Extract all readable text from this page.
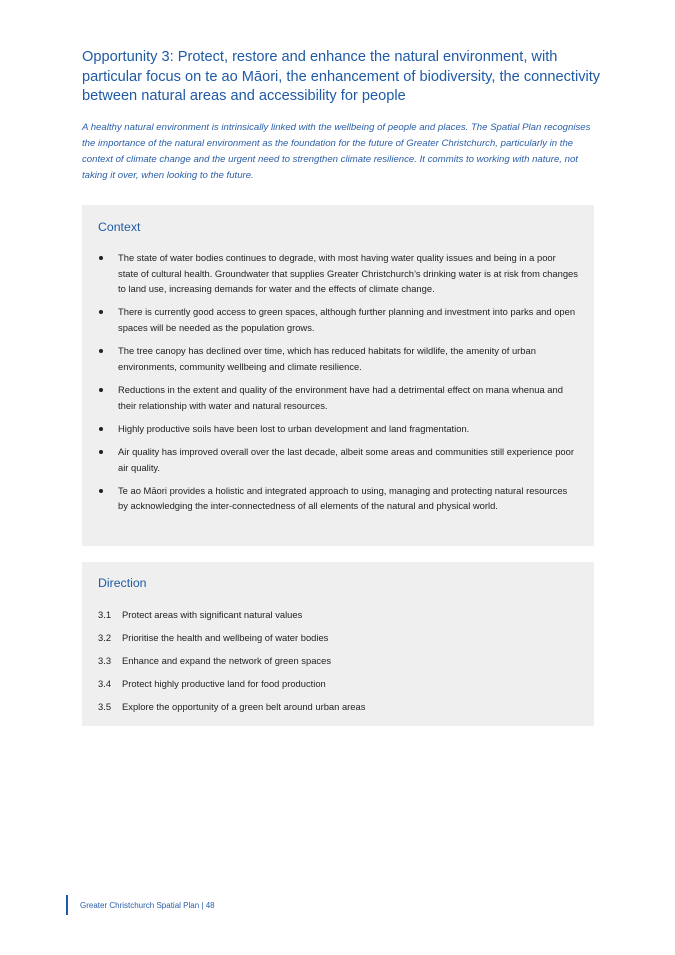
Opportunity 3: Protect, restore and enhance the natural environment, with particular focus on te ao Māori, the enhancement of biodiversity, the connectivity between natural areas and accessibility for people

A healthy natural environment is intrinsically linked with the wellbeing of people and places. The Spatial Plan recognises the importance of the natural environment as the foundation for the future of Greater Christchurch, particularly in the context of climate change and the urgent need to strengthen climate resilience. It commits to working with nature, not taking it over, when looking to the future.

Context
The state of water bodies continues to degrade, with most having water quality issues and being in a poor state of cultural health. Groundwater that supplies Greater Christchurch’s drinking water is at risk from changes to land use, increasing demands for water and the effects of climate change.
There is currently good access to green spaces, although further planning and investment into parks and open spaces will be needed as the population grows.
The tree canopy has declined over time, which has reduced habitats for wildlife, the amenity of urban environments, community wellbeing and climate resilience.
Reductions in the extent and quality of the environment have had a detrimental effect on mana whenua and their relationship with water and natural resources.
Highly productive soils have been lost to urban development and land fragmentation.
Air quality has improved overall over the last decade, albeit some areas and communities still experience poor air quality.
Te ao Māori provides a holistic and integrated approach to using, managing and protecting natural resources by acknowledging the inter-connectedness of all elements of the natural and physical world.
Direction
3.1	Protect areas with significant natural values
3.2	Prioritise the health and wellbeing of water bodies
3.3	Enhance and expand the network of green spaces
3.4	Protect highly productive land for food production
3.5	Explore the opportunity of a green belt around urban areas
Greater Christchurch Spatial Plan | 48
